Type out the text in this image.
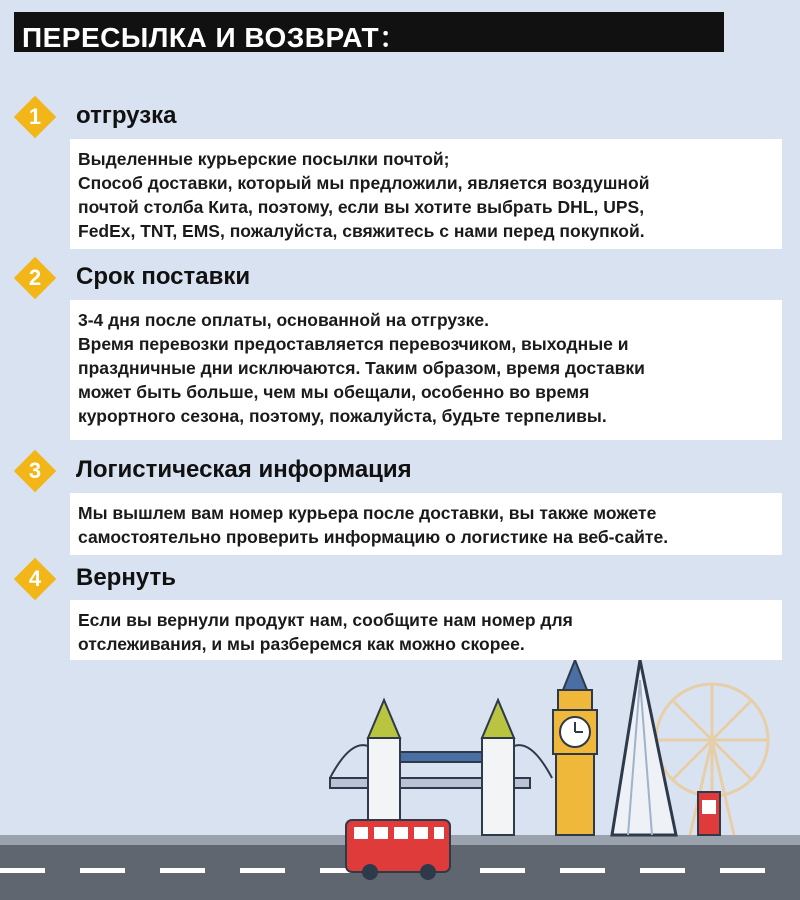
ПЕРЕСЫЛКА И ВОЗВРАТ：
1	отгрузка

Выделенные курьерские посылки почтой;

Способ доставки, который мы предложили, является воздушной

почтой столба Кита, поэтому, если вы хотите выбрать DHL, UPS,

FedEx, TNT, EMS, пожалуйста, свяжитесь с нами перед покупкой.

2	Срок поставки

3-4 дня после оплаты, основанной на отгрузке.

Время перевозки предоставляется перевозчиком, выходные и

праздничные дни исключаются. Таким образом, время доставки

может быть больше, чем мы обещали, особенно во время

курортного сезона, поэтому, пожалуйста, будьте терпеливы.

3	Логистическая информация

Мы вышлем вам номер курьера после доставки, вы также можете

самостоятельно проверить информацию о логистике на веб-сайте.

4	Вернуть

Если вы вернули продукт нам, сообщите нам номер для

отслеживания, и мы разберемся как можно скорее.
